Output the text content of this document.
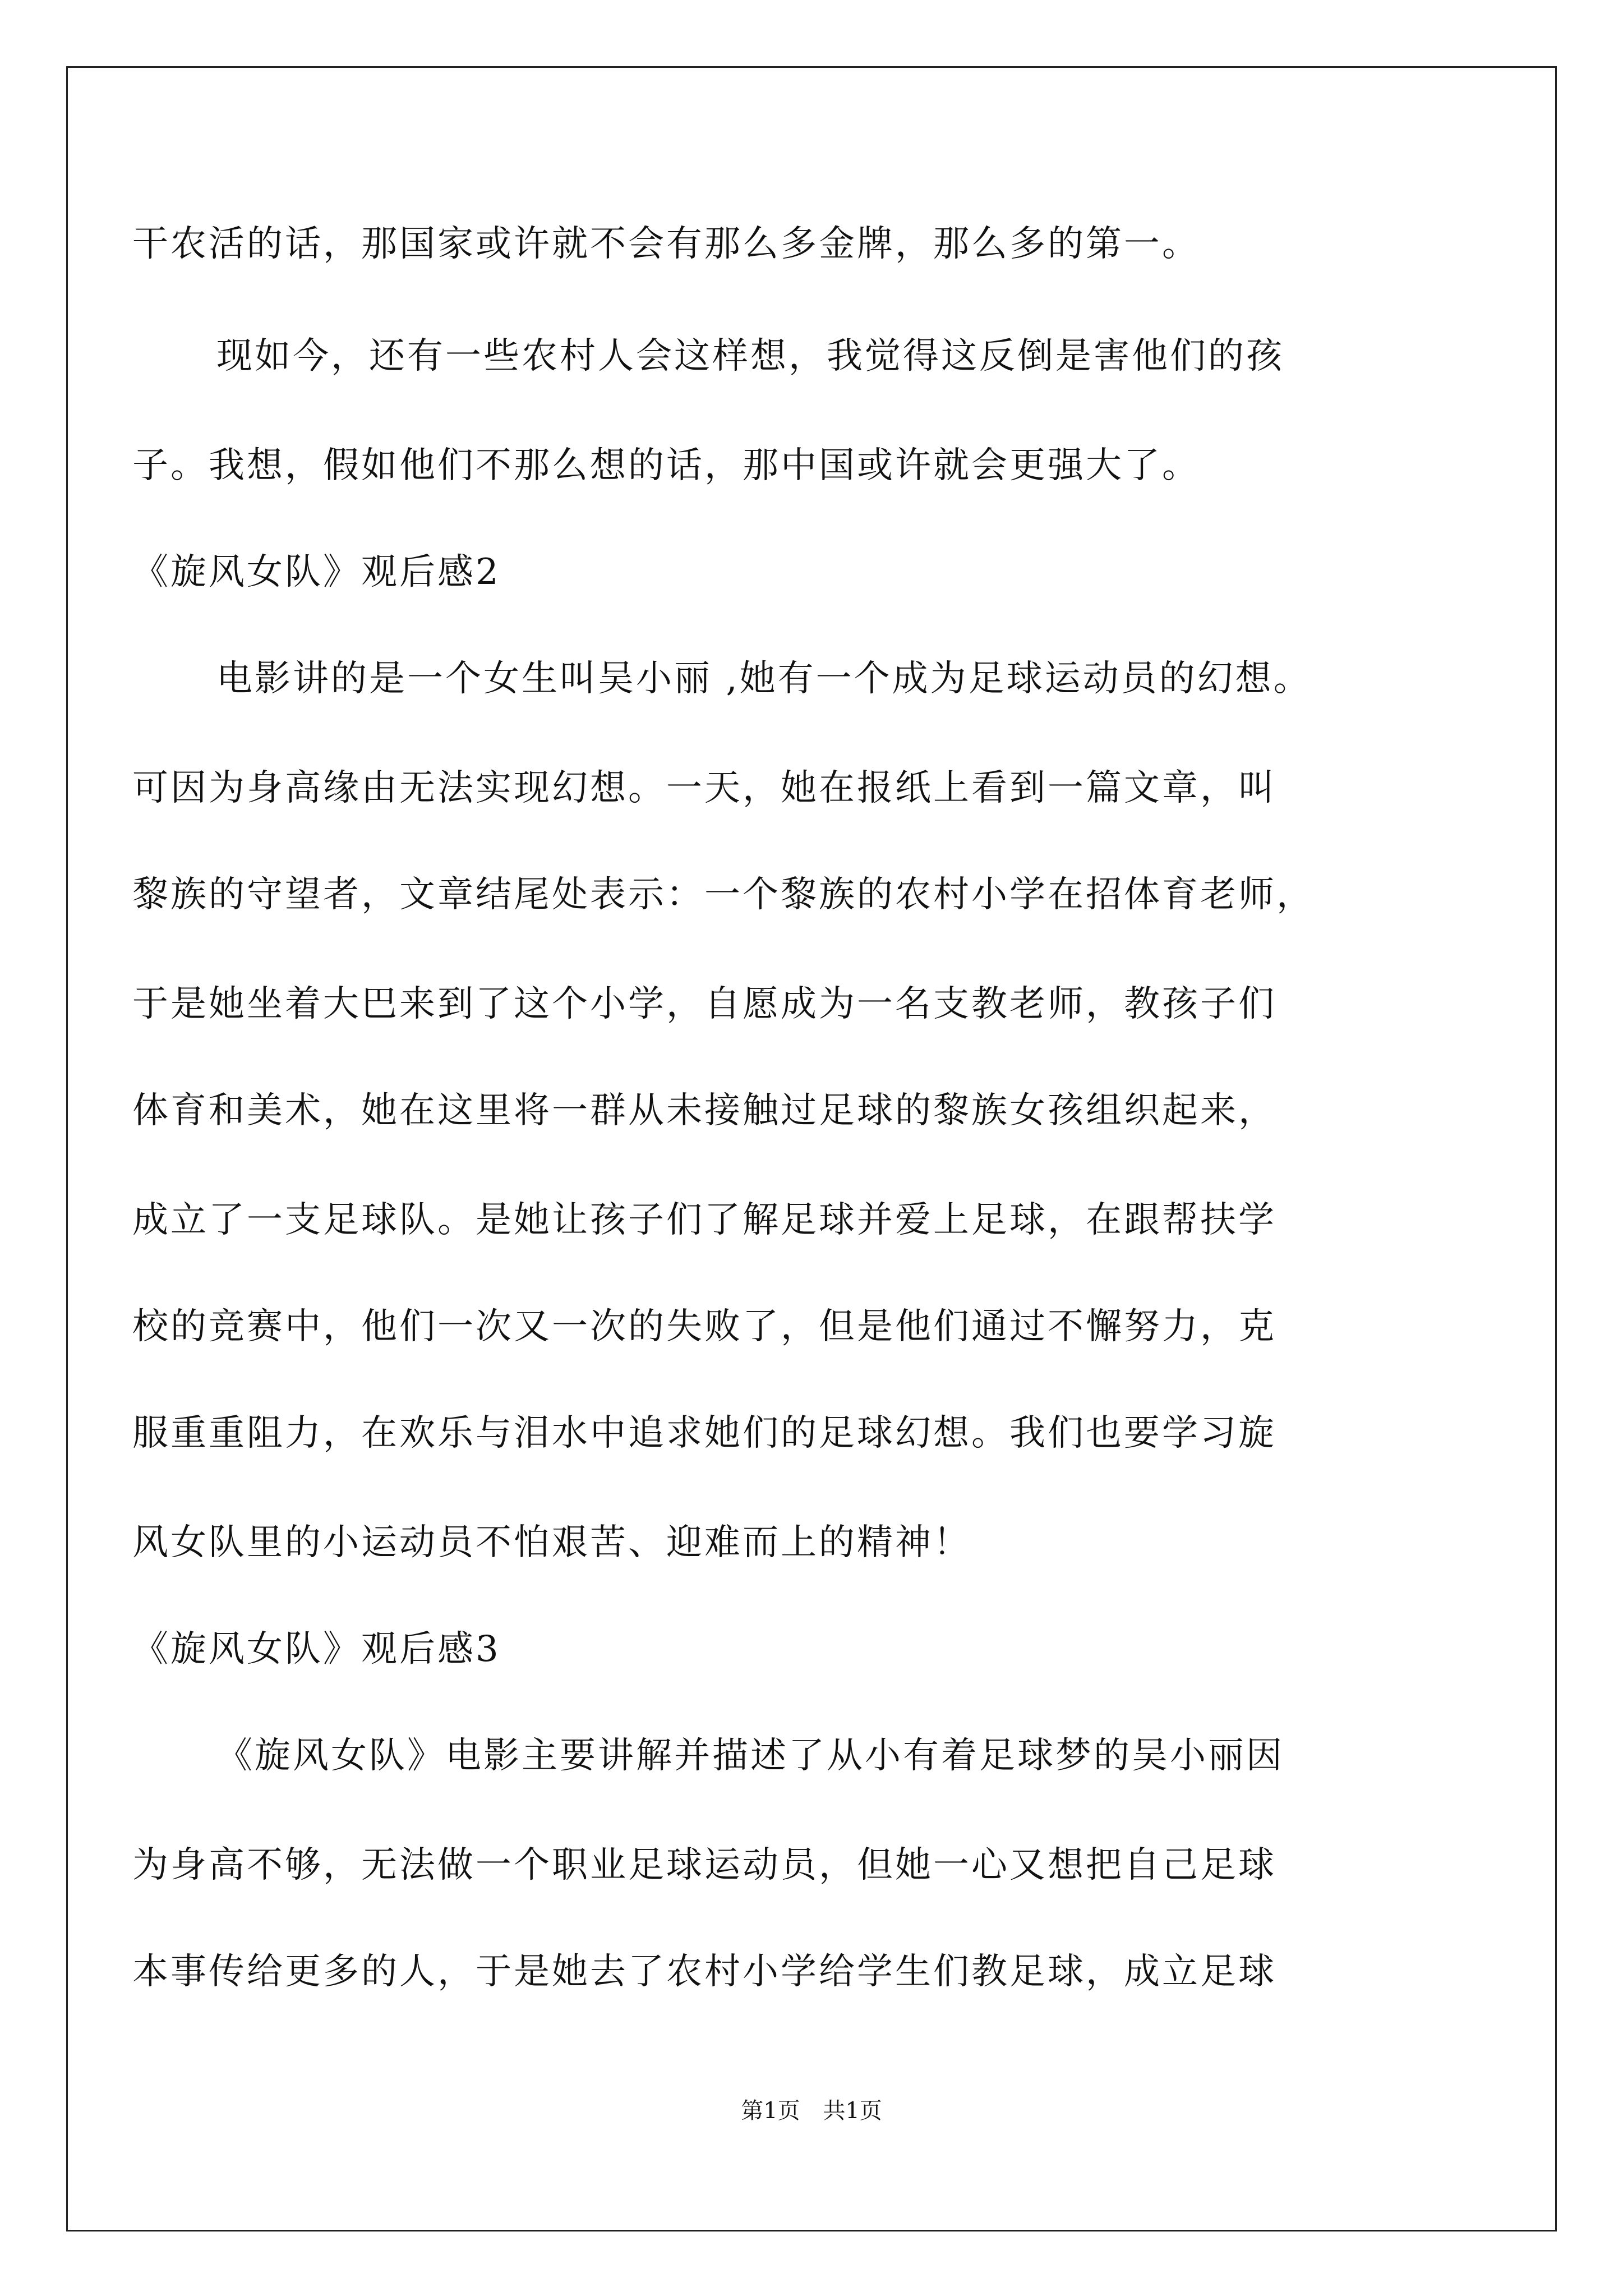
干农活的话，那国家或许就不会有那么多金牌，那么多的第一。
现如今，还有一些农村人会这样想，我觉得这反倒是害他们的孩
子。我想，假如他们不那么想的话，那中国或许就会更强大了。
《旋风女队》观后感2
电影讲的是一个女生叫吴小丽 ,她有一个成为足球运动员的幻想。
可因为身高缘由无法实现幻想。一天，她在报纸上看到一篇文章，叫
黎族的守望者，文章结尾处表示：一个黎族的农村小学在招体育老师，
于是她坐着大巴来到了这个小学，自愿成为一名支教老师，教孩子们
体育和美术，她在这里将一群从未接触过足球的黎族女孩组织起来，
成立了一支足球队。是她让孩子们了解足球并爱上足球，在跟帮扶学
校的竞赛中，他们一次又一次的失败了，但是他们通过不懈努力，克
服重重阻力，在欢乐与泪水中追求她们的足球幻想。我们也要学习旋
风女队里的小运动员不怕艰苦、迎难而上的精神！
《旋风女队》观后感3
《旋风女队》电影主要讲解并描述了从小有着足球梦的吴小丽因
为身高不够，无法做一个职业足球运动员，但她一心又想把自己足球
本事传给更多的人，于是她去了农村小学给学生们教足球，成立足球
第1页 共1页
